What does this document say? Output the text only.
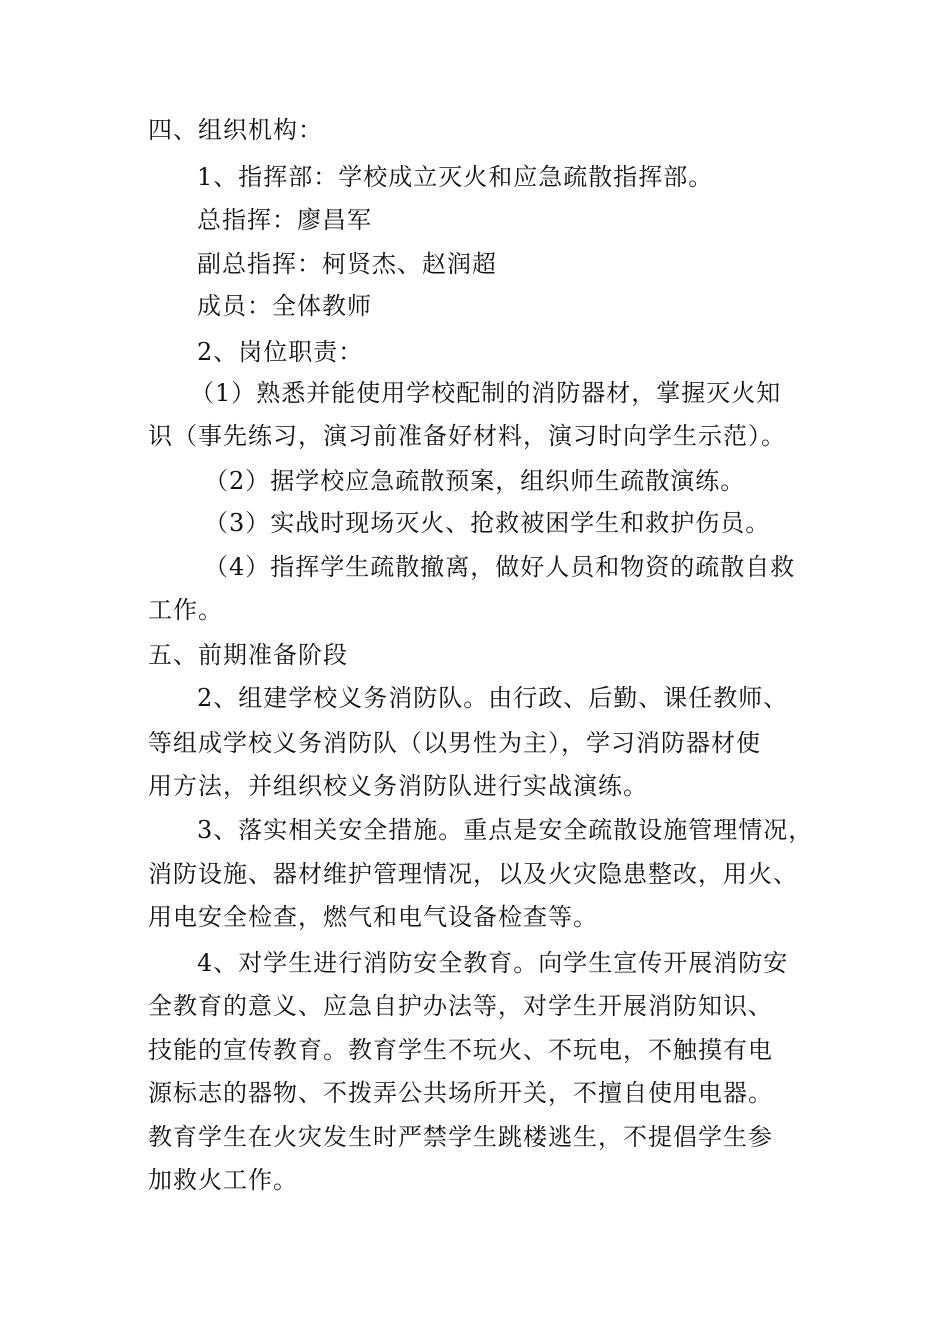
四、组织机构：
1、指挥部：学校成立灭火和应急疏散指挥部。
总指挥：廖昌军
副总指挥：柯贤杰、赵润超
成员：全体教师
2、岗位职责：
（1）熟悉并能使用学校配制的消防器材，掌握灭火知
识（事先练习，演习前准备好材料，演习时向学生示范）。
（2）据学校应急疏散预案，组织师生疏散演练。
（3）实战时现场灭火、抢救被困学生和救护伤员。
（4）指挥学生疏散撤离，做好人员和物资的疏散自救
工作。
五、前期准备阶段
2、组建学校义务消防队。由行政、后勤、课任教师、
等组成学校义务消防队（以男性为主），学习消防器材使
用方法，并组织校义务消防队进行实战演练。
3、落实相关安全措施。重点是安全疏散设施管理情况，
消防设施、器材维护管理情况，以及火灾隐患整改，用火、
用电安全检查，燃气和电气设备检查等。
4、对学生进行消防安全教育。向学生宣传开展消防安
全教育的意义、应急自护办法等，对学生开展消防知识、
技能的宣传教育。教育学生不玩火、不玩电，不触摸有电
源标志的器物、不拨弄公共场所开关，不擅自使用电器。
教育学生在火灾发生时严禁学生跳楼逃生，不提倡学生参
加救火工作。
